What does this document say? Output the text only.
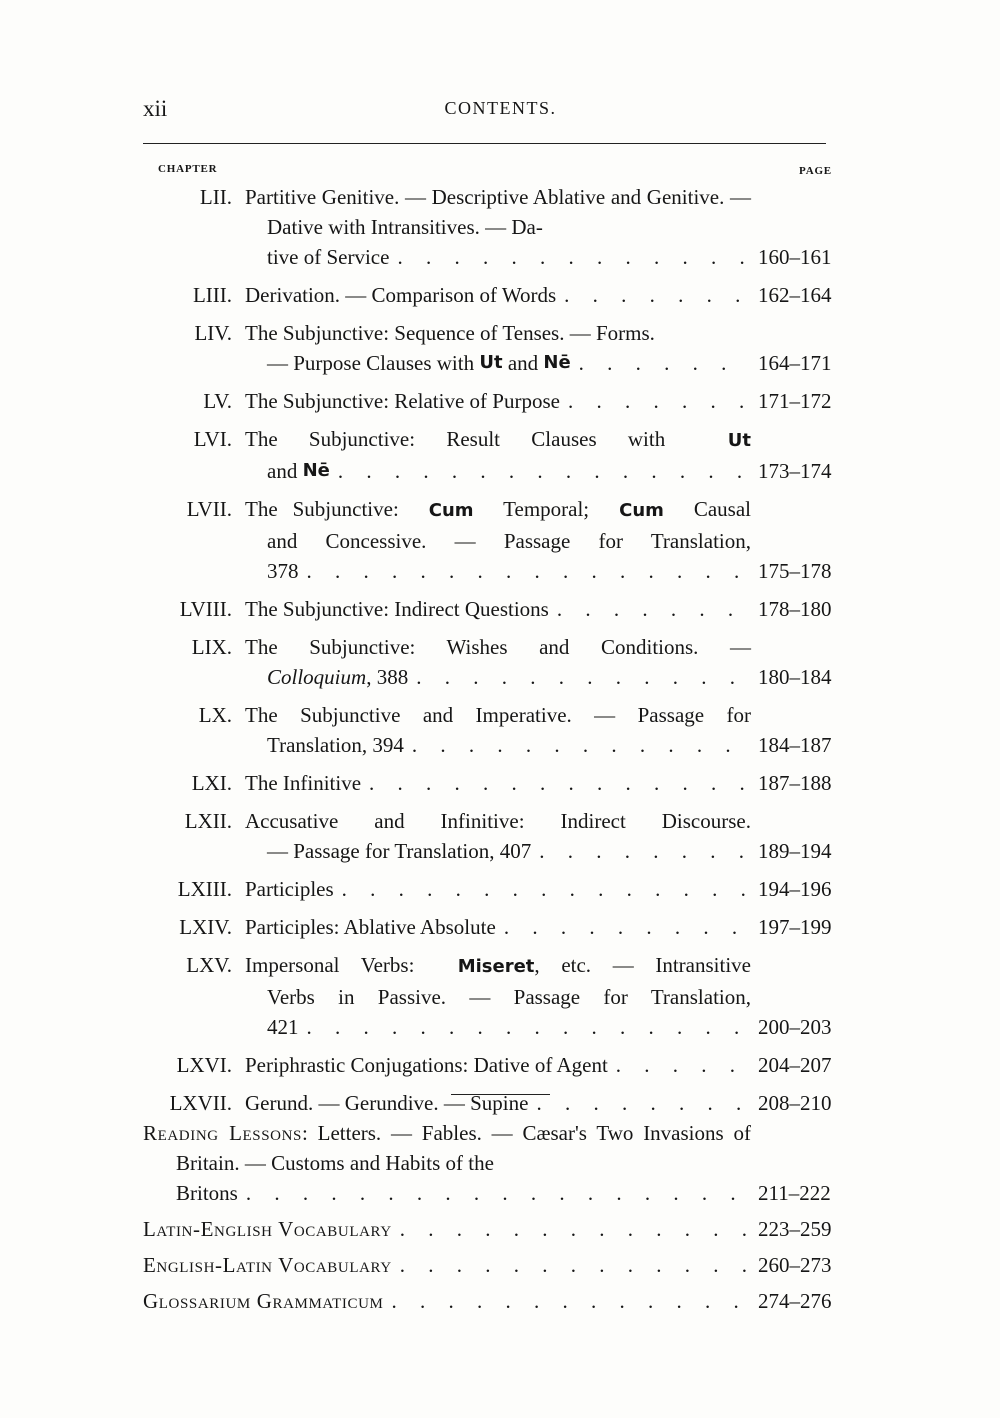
xii	CONTENTS.
CHAPTER	PAGE
LII. Partitive Genitive. — Descriptive Ablative and Genitive. — Dative with Intransitives. — Da-
tive of Service . . .	160–161
LIII. Derivation. — Comparison of Words . . .	162–164
LIV. The Subjunctive: Sequence of Tenses. — Forms.
— Purpose Clauses with
Ut
and
Nē . . .	164–171
LV. The Subjunctive: Relative of Purpose . . .	171–172
LVI. The Subjunctive: Result Clauses with  Ut
and
Nē . . .	173–174
LVII. The Subjunctive:  Cum  Temporal;  Cum  Causal
and Concessive. — Passage for Translation,
378 . . .	175–178
LVIII. The Subjunctive: Indirect Questions . . .	178–180
LIX. The Subjunctive: Wishes and Conditions. —
Colloquium , 388 . . .	180–184
LX. The Subjunctive and Imperative. — Passage for
Translation, 394 . . .	184–187
LXI. The Infinitive . . .	187–188
LXII. Accusative and Infinitive: Indirect Discourse.
— Passage for Translation, 407 . . .	189–194
LXIII. Participles . . .	194–196
LXIV. Participles: Ablative Absolute . . .	197–199
LXV. Impersonal Verbs:  Miseret, etc. — Intransitive
Verbs in Passive. — Passage for Translation,
421 . . .	200–203
LXVI. Periphrastic Conjugations: Dative of Agent . . .	204–207
LXVII. Gerund. — Gerundive. — Supine . . .	208–210
Reading Lessons: Letters. — Fables. — Cæsar's Two Invasions of Britain. — Customs and Habits of the
Britons . . .	211–222
Latin-English Vocabulary . . .	223–259
English-Latin Vocabulary . . .	260–273
Glossarium Grammaticum . . .	274–276
